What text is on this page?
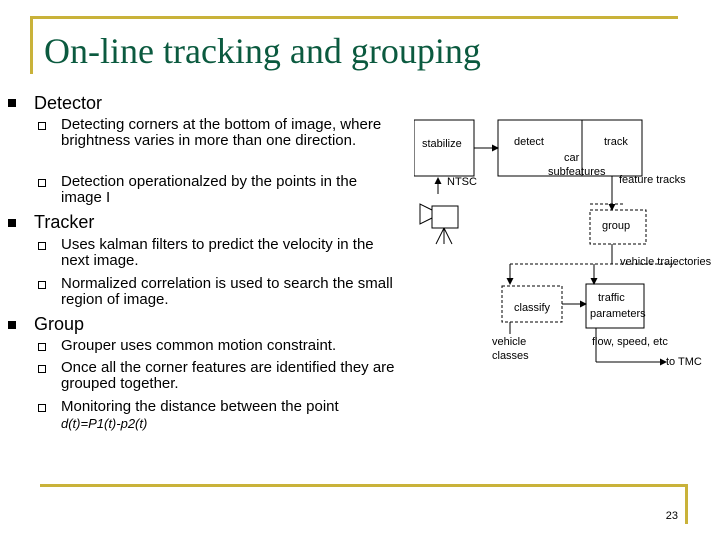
On-line tracking and grouping
Detector
Detecting corners at the bottom of image, where brightness varies in more than one direction.
Detection operationalzed by the points in the image I
Tracker
Uses kalman filters to predict the velocity in the next image.
Normalized correlation is used to search the small region of image.
Group
Grouper uses common motion constraint.
Once all the corner features are identified they are grouped together.
Monitoring the distance between the point
d(t)=P1(t)-p2(t)
stabilize	detect	track
NTSC
car
subfeatures
feature tracks
group
vehicle trajectories
classify
traffic
parameters
vehicle
classes
flow, speed, etc
to TMC
23
